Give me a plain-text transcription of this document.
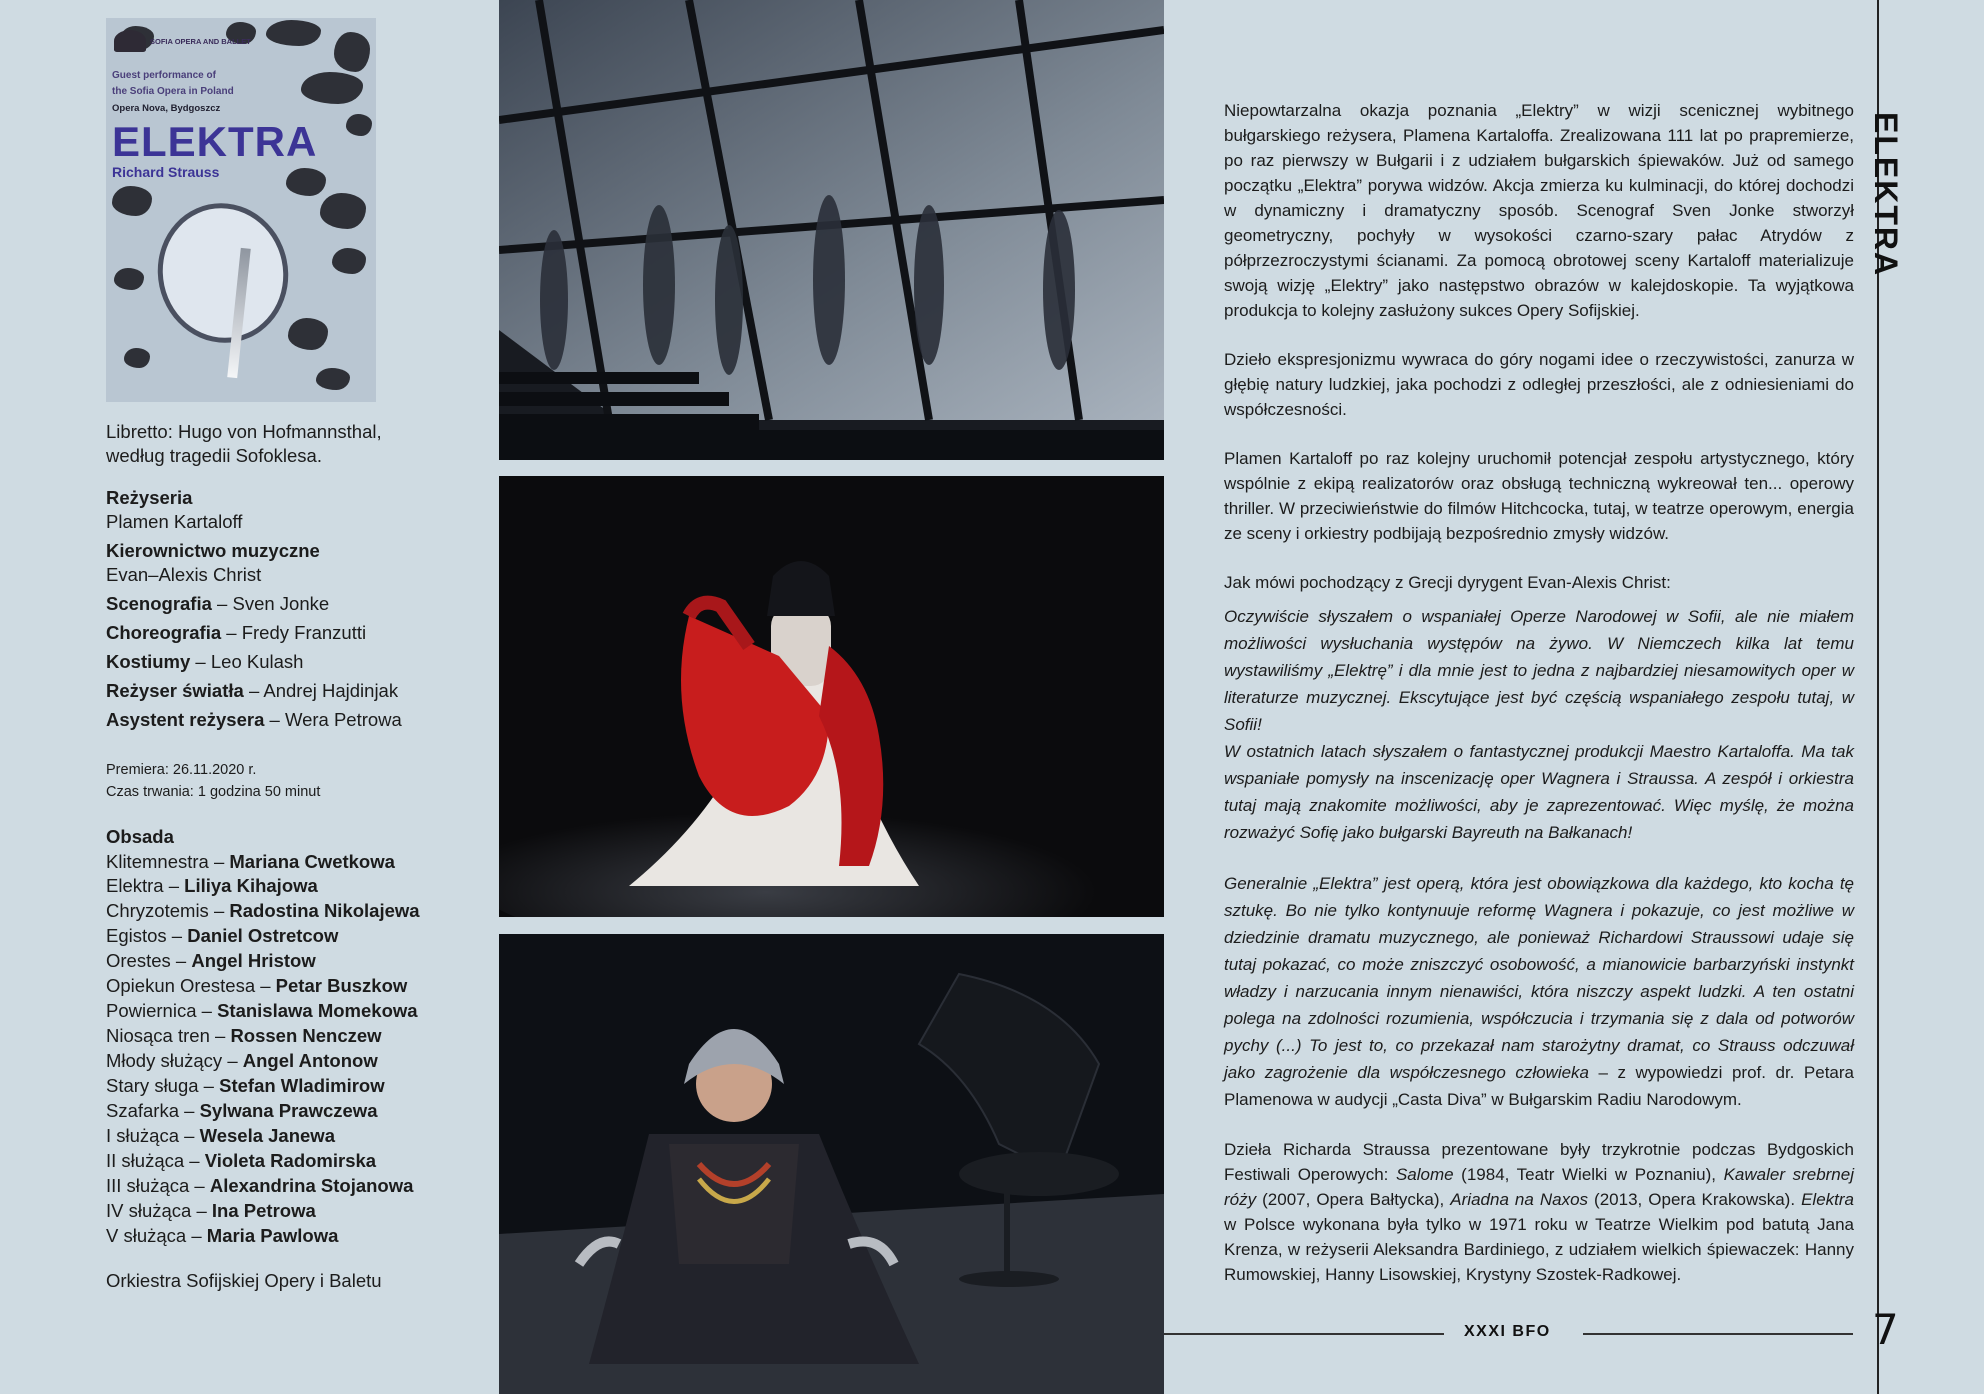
SOFIA OPERA AND BALLET
Guest performance of
the Sofia Opera in Poland
Opera Nova, Bydgoszcz
ELEKTRA
Richard Strauss
Libretto: Hugo von Hofmannsthal, według tragedii Sofoklesa.
Reżyseria
Plamen Kartaloff
Kierownictwo muzyczne
Evan–Alexis Christ
Scenografia – Sven Jonke
Choreografia – Fredy Franzutti
Kostiumy – Leo Kulash
Reżyser światła – Andrej Hajdinjak
Asystent reżysera – Wera Petrowa
Premiera: 26.11.2020 r.
Czas trwania: 1 godzina 50 minut
Obsada
Klitemnestra – Mariana Cwetkowa
Elektra – Liliya Kihajowa
Chryzotemis – Radostina Nikolajewa
Egistos – Daniel Ostretcow
Orestes – Angel Hristow
Opiekun Orestesa – Petar Buszkow
Powiernica – Stanislawa Momekowa
Niosąca tren – Rossen Nenczew
Młody służący – Angel Antonow
Stary sługa – Stefan Wladimirow
Szafarka – Sylwana Prawczewa
I służąca – Wesela Janewa
II służąca – Violeta Radomirska
III służąca – Alexandrina Stojanowa
IV służąca – Ina Petrowa
V służąca – Maria Pawlowa
Orkiestra Sofijskiej Opery i Baletu

Niepowtarzalna okazja poznania „Elektry” w wizji scenicznej wybitnego bułgarskiego reżysera, Plamena Kartaloffa. Zrealizowana 111 lat po prapremierze, po raz pierwszy w Bułgarii i z udziałem bułgarskich śpiewaków. Już od samego początku „Elektra” porywa widzów. Akcja zmierza ku kulminacji, do której dochodzi w dynamiczny i dramatyczny sposób. Scenograf Sven Jonke stworzył geometryczny, pochyły w wysokości czarno-szary pałac Atrydów z półprzezroczystymi ścianami. Za pomocą obrotowej sceny Kartaloff materializuje swoją wizję „Elektry” jako następstwo obrazów w kalejdoskopie. Ta wyjątkowa produkcja to kolejny zasłużony sukces Opery Sofijskiej.

Dzieło ekspresjonizmu wywraca do góry nogami idee o rzeczywistości, zanurza w głębię natury ludzkiej, jaka pochodzi z odległej przeszłości, ale z odniesieniami do współczesności.

Plamen Kartaloff po raz kolejny uruchomił potencjał zespołu artystycznego, który wspólnie z ekipą realizatorów oraz obsługą techniczną wykreował ten... operowy thriller. W przeciwieństwie do filmów Hitchcocka, tutaj, w teatrze operowym, energia ze sceny i orkiestry podbijają bezpośrednio zmysły widzów.

Jak mówi pochodzący z Grecji dyrygent Evan-Alexis Christ:

Oczywiście słyszałem o wspaniałej Operze Narodowej w Sofii, ale nie miałem możliwości wysłuchania występów na żywo. W Niemczech kilka lat temu wystawiliśmy „Elektrę” i dla mnie jest to jedna z najbardziej niesamowitych oper w literaturze muzycznej. Ekscytujące jest być częścią wspaniałego zespołu tutaj, w Sofii!

W ostatnich latach słyszałem o fantastycznej produkcji Maestro Kartaloffa. Ma tak wspaniałe pomysły na inscenizację oper Wagnera i Straussa. A zespół i orkiestra tutaj mają znakomite możliwości, aby je zaprezentować. Więc myślę, że można rozważyć Sofię jako bułgarski Bayreuth na Bałkanach!

Generalnie „Elektra” jest operą, która jest obowiązkowa dla każdego, kto kocha tę sztukę. Bo nie tylko kontynuuje reformę Wagnera i pokazuje, co jest możliwe w dziedzinie dramatu muzycznego, ale ponieważ Richardowi Straussowi udaje się tutaj pokazać, co może zniszczyć osobowość, a mianowicie barbarzyński instynkt władzy i narzucania innym nienawiści, która niszczy aspekt ludzki. A ten ostatni polega na zdolności rozumienia, współczucia i trzymania się z dala od potworów pychy (...) To jest to, co przekazał nam starożytny dramat, co Strauss odczuwał jako zagrożenie dla współczesnego człowieka – z wypowiedzi prof. dr. Petara Plamenowa w audycji „Casta Diva” w Bułgarskim Radiu Narodowym.

Dzieła Richarda Straussa prezentowane były trzykrotnie podczas Bydgoskich Festiwali Operowych: Salome (1984, Teatr Wielki w Poznaniu), Kawaler srebrnej róży (2007, Opera Bałtycka), Ariadna na Naxos (2013, Opera Krakowska). Elektra w Polsce wykonana była tylko w 1971 roku w Teatrze Wielkim pod batutą Jana Krenza, w reżyserii Aleksandra Bardiniego, z udziałem wielkich śpiewaczek: Hanny Rumowskiej, Hanny Lisowskiej, Krystyny Szostek-Radkowej.

ELEKTRA
XXXI BFO	7
